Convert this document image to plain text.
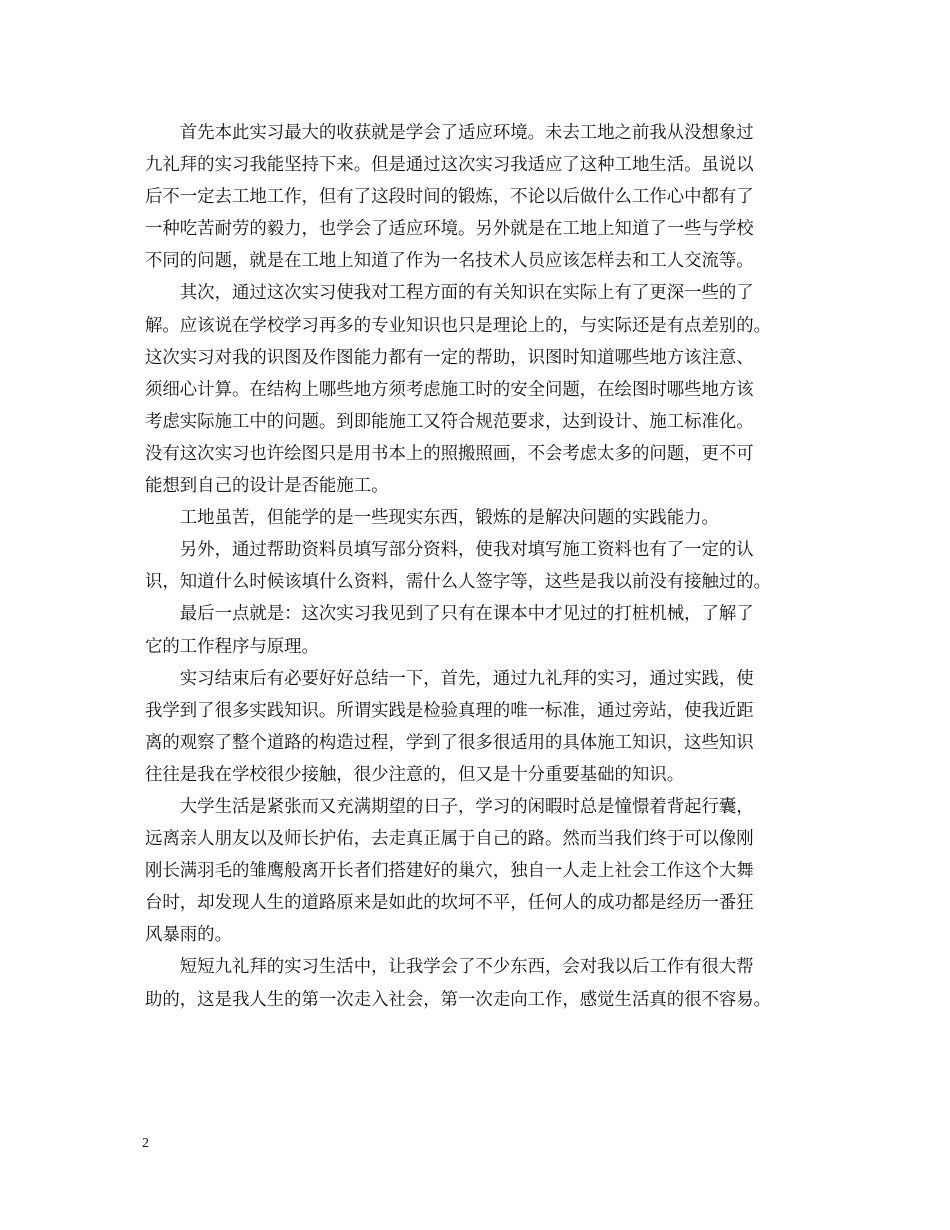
　　首先本此实习最大的收获就是学会了适应环境。未去工地之前我从没想象过
九礼拜的实习我能坚持下来。但是通过这次实习我适应了这种工地生活。虽说以
后不一定去工地工作，但有了这段时间的锻炼，不论以后做什么工作心中都有了
一种吃苦耐劳的毅力，也学会了适应环境。另外就是在工地上知道了一些与学校
不同的问题，就是在工地上知道了作为一名技术人员应该怎样去和工人交流等。
　　其次，通过这次实习使我对工程方面的有关知识在实际上有了更深一些的了
解。应该说在学校学习再多的专业知识也只是理论上的，与实际还是有点差别的。
这次实习对我的识图及作图能力都有一定的帮助，识图时知道哪些地方该注意、
须细心计算。在结构上哪些地方须考虑施工时的安全问题，在绘图时哪些地方该
考虑实际施工中的问题。到即能施工又符合规范要求，达到设计、施工标准化。
没有这次实习也许绘图只是用书本上的照搬照画，不会考虑太多的问题，更不可
能想到自己的设计是否能施工。
　　工地虽苦，但能学的是一些现实东西，锻炼的是解决问题的实践能力。
　　另外，通过帮助资料员填写部分资料，使我对填写施工资料也有了一定的认
识，知道什么时候该填什么资料，需什么人签字等，这些是我以前没有接触过的。
　　最后一点就是：这次实习我见到了只有在课本中才见过的打桩机械，了解了
它的工作程序与原理。
　　实习结束后有必要好好总结一下，首先，通过九礼拜的实习，通过实践，使
我学到了很多实践知识。所谓实践是检验真理的唯一标准，通过旁站，使我近距
离的观察了整个道路的构造过程，学到了很多很适用的具体施工知识，这些知识
往往是我在学校很少接触，很少注意的，但又是十分重要基础的知识。
　　大学生活是紧张而又充满期望的日子，学习的闲暇时总是憧憬着背起行囊，
远离亲人朋友以及师长护佑，去走真正属于自己的路。然而当我们终于可以像刚
刚长满羽毛的雏鹰般离开长者们搭建好的巢穴，独自一人走上社会工作这个大舞
台时，却发现人生的道路原来是如此的坎坷不平，任何人的成功都是经历一番狂
风暴雨的。
　　短短九礼拜的实习生活中，让我学会了不少东西，会对我以后工作有很大帮
助的，这是我人生的第一次走入社会，第一次走向工作，感觉生活真的很不容易。
2
